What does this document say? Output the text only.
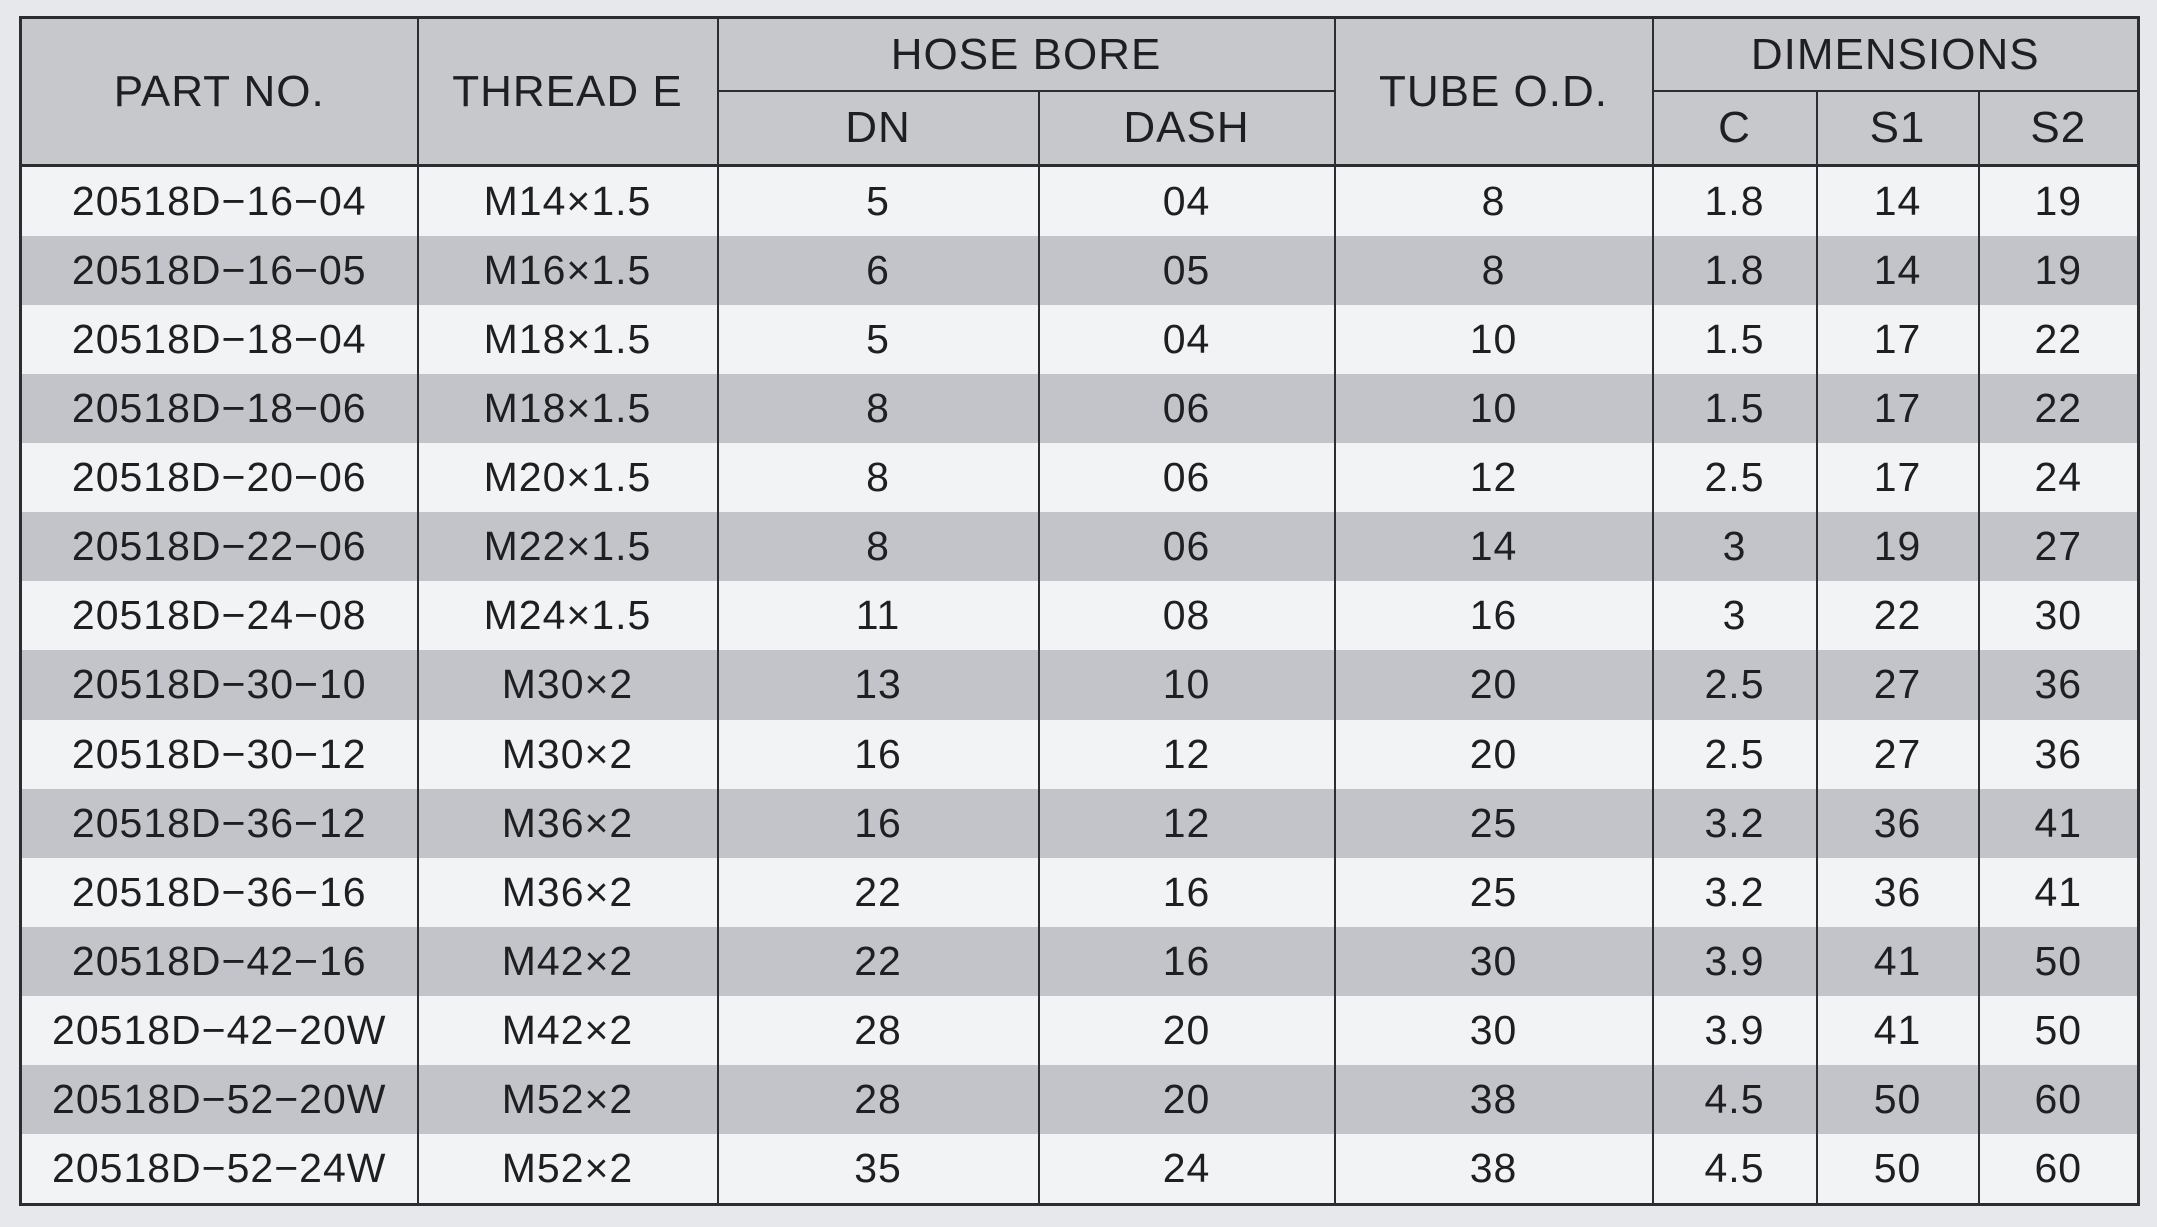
PART NO.	THREAD E	HOSE BORE		TUBE O.D.	DIMENSIONS		
		DN	DASH		C	S1	S2
20518D−16−04	M14×1.5	5	04	8	1.8	14	19
20518D−16−05	M16×1.5	6	05	8	1.8	14	19
20518D−18−04	M18×1.5	5	04	10	1.5	17	22
20518D−18−06	M18×1.5	8	06	10	1.5	17	22
20518D−20−06	M20×1.5	8	06	12	2.5	17	24
20518D−22−06	M22×1.5	8	06	14	3	19	27
20518D−24−08	M24×1.5	11	08	16	3	22	30
20518D−30−10	M30×2	13	10	20	2.5	27	36
20518D−30−12	M30×2	16	12	20	2.5	27	36
20518D−36−12	M36×2	16	12	25	3.2	36	41
20518D−36−16	M36×2	22	16	25	3.2	36	41
20518D−42−16	M42×2	22	16	30	3.9	41	50
20518D−42−20W	M42×2	28	20	30	3.9	41	50
20518D−52−20W	M52×2	28	20	38	4.5	50	60
20518D−52−24W	M52×2	35	24	38	4.5	50	60
